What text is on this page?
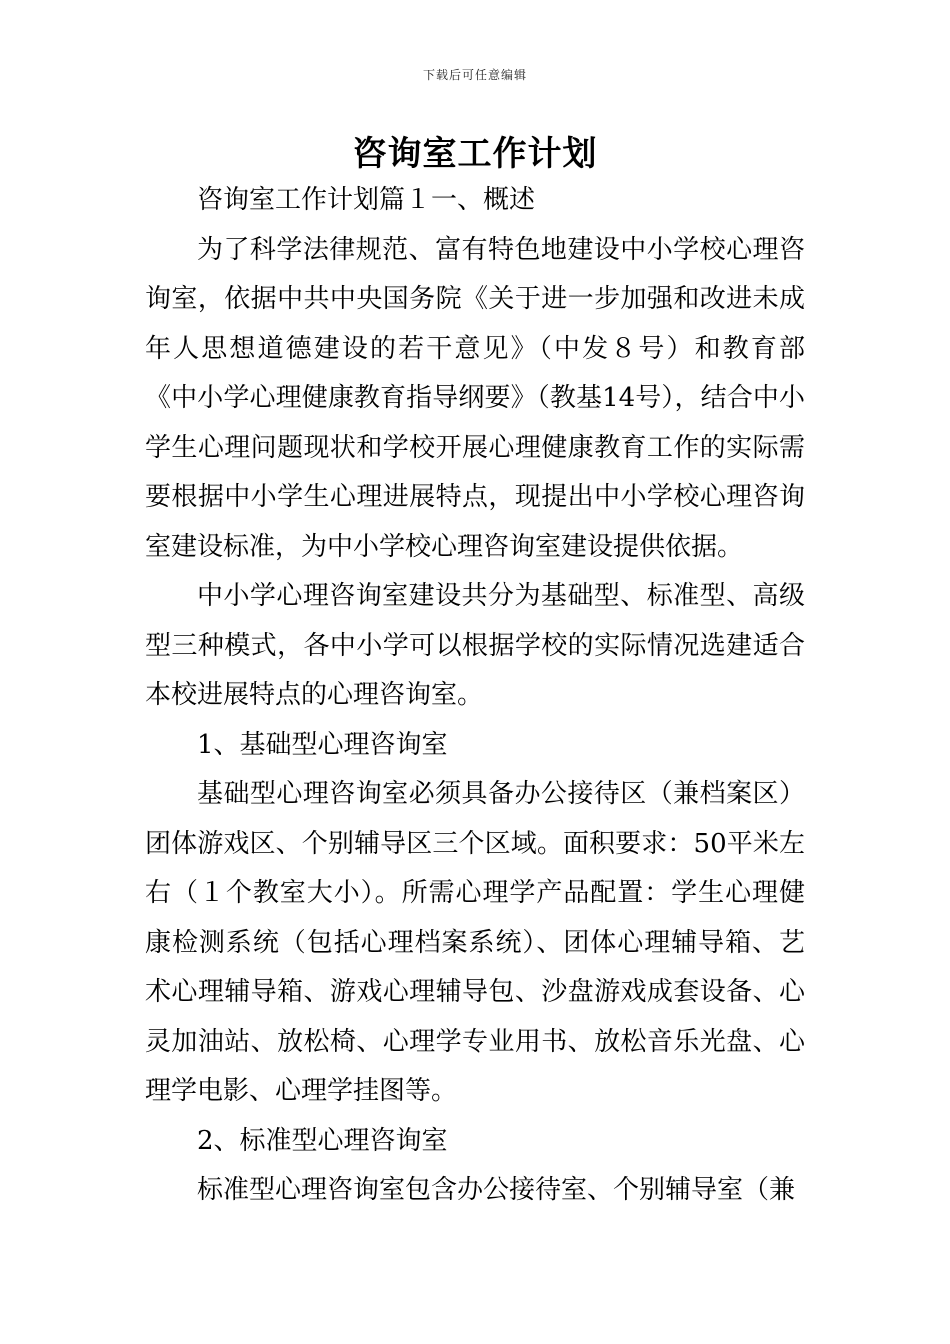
下载后可任意编辑
咨询室工作计划

咨询室工作计划篇１一、概述

为了科学法律规范、富有特色地建设中小学校心理咨询室，依据中共中央国务院《关于进一步加强和改进未成年人思想道德建设的若干意见》（中发８号）和教育部《中小学心理健康教育指导纲要》（教基14号），结合中小学生心理问题现状和学校开展心理健康教育工作的实际需要根据中小学生心理进展特点，现提出中小学校心理咨询室建设标准，为中小学校心理咨询室建设提供依据。

中小学心理咨询室建设共分为基础型、标准型、高级型三种模式，各中小学可以根据学校的实际情况选建适合本校进展特点的心理咨询室。

1、基础型心理咨询室

基础型心理咨询室必须具备办公接待区（兼档案区）团体游戏区、个别辅导区三个区域。面积要求：50平米左右（１个教室大小）。所需心理学产品配置：学生心理健康检测系统（包括心理档案系统）、团体心理辅导箱、艺术心理辅导箱、游戏心理辅导包、沙盘游戏成套设备、心灵加油站、放松椅、心理学专业用书、放松音乐光盘、心理学电影、心理学挂图等。

2、标准型心理咨询室

标准型心理咨询室包含办公接待室、个别辅导室（兼
